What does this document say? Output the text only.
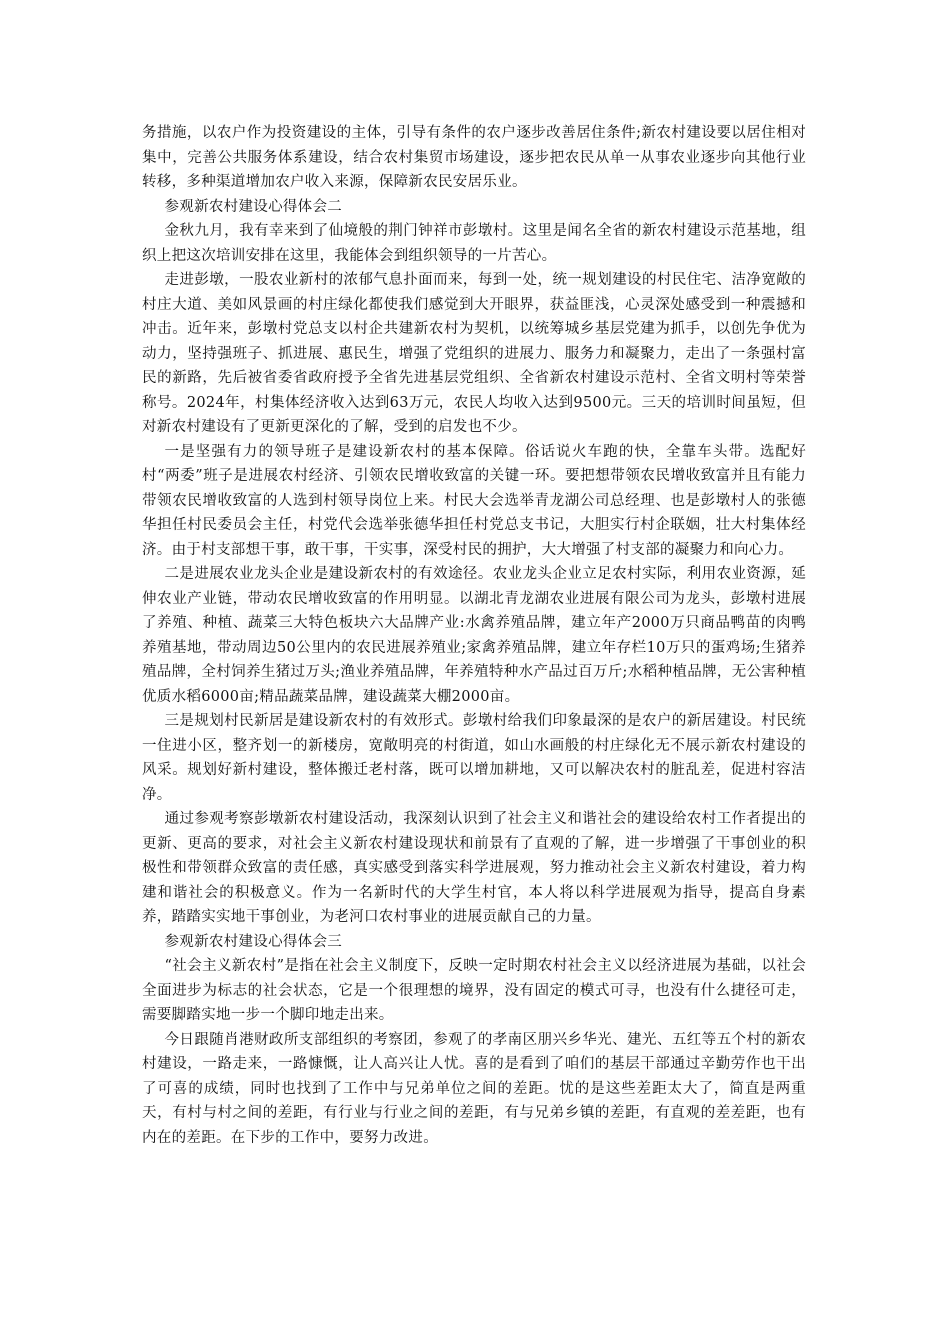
务措施，以农户作为投资建设的主体，引导有条件的农户逐步改善居住条件;新农村建设要以居住相对集中，完善公共服务体系建设，结合农村集贸市场建设，逐步把农民从单一从事农业逐步向其他行业转移，多种渠道增加农户收入来源，保障新农民安居乐业。

参观新农村建设心得体会二

金秋九月，我有幸来到了仙境般的荆门钟祥市彭墩村。这里是闻名全省的新农村建设示范基地，组织上把这次培训安排在这里，我能体会到组织领导的一片苦心。

走进彭墩，一股农业新村的浓郁气息扑面而来，每到一处，统一规划建设的村民住宅、洁净宽敞的村庄大道、美如风景画的村庄绿化都使我们感觉到大开眼界，获益匪浅，心灵深处感受到一种震撼和冲击。近年来，彭墩村党总支以村企共建新农村为契机，以统筹城乡基层党建为抓手，以创先争优为动力，坚持强班子、抓进展、惠民生，增强了党组织的进展力、服务力和凝聚力，走出了一条强村富民的新路，先后被省委省政府授予全省先进基层党组织、全省新农村建设示范村、全省文明村等荣誉称号。2024年，村集体经济收入达到63万元，农民人均收入达到9500元。三天的培训时间虽短，但对新农村建设有了更新更深化的了解，受到的启发也不少。

一是坚强有力的领导班子是建设新农村的基本保障。俗话说火车跑的快，全靠车头带。选配好村“两委”班子是进展农村经济、引领农民增收致富的关键一环。要把想带领农民增收致富并且有能力带领农民增收致富的人选到村领导岗位上来。村民大会选举青龙湖公司总经理、也是彭墩村人的张德华担任村民委员会主任，村党代会选举张德华担任村党总支书记，大胆实行村企联姻，壮大村集体经济。由于村支部想干事，敢干事，干实事，深受村民的拥护，大大增强了村支部的凝聚力和向心力。

二是进展农业龙头企业是建设新农村的有效途径。农业龙头企业立足农村实际，利用农业资源，延伸农业产业链，带动农民增收致富的作用明显。以湖北青龙湖农业进展有限公司为龙头，彭墩村进展了养殖、种植、蔬菜三大特色板块六大品牌产业:水禽养殖品牌，建立年产2000万只商品鸭苗的肉鸭养殖基地，带动周边50公里内的农民进展养殖业;家禽养殖品牌，建立年存栏10万只的蛋鸡场;生猪养殖品牌，全村饲养生猪过万头;渔业养殖品牌，年养殖特种水产品过百万斤;水稻种植品牌，无公害种植优质水稻6000亩;精品蔬菜品牌，建设蔬菜大棚2000亩。

三是规划村民新居是建设新农村的有效形式。彭墩村给我们印象最深的是农户的新居建设。村民统一住进小区，整齐划一的新楼房，宽敞明亮的村街道，如山水画般的村庄绿化无不展示新农村建设的风采。规划好新村建设，整体搬迁老村落，既可以增加耕地，又可以解决农村的脏乱差，促进村容洁净。

通过参观考察彭墩新农村建设活动，我深刻认识到了社会主义和谐社会的建设给农村工作者提出的更新、更高的要求，对社会主义新农村建设现状和前景有了直观的了解，进一步增强了干事创业的积极性和带领群众致富的责任感，真实感受到落实科学进展观，努力推动社会主义新农村建设，着力构建和谐社会的积极意义。作为一名新时代的大学生村官，本人将以科学进展观为指导，提高自身素养，踏踏实实地干事创业，为老河口农村事业的进展贡献自己的力量。

参观新农村建设心得体会三

“社会主义新农村”是指在社会主义制度下，反映一定时期农村社会主义以经济进展为基础，以社会全面进步为标志的社会状态，它是一个很理想的境界，没有固定的模式可寻，也没有什么捷径可走，需要脚踏实地一步一个脚印地走出来。

今日跟随肖港财政所支部组织的考察团，参观了的孝南区朋兴乡华光、建光、五红等五个村的新农村建设，一路走来，一路慷慨，让人高兴让人忧。喜的是看到了咱们的基层干部通过辛勤劳作也干出了可喜的成绩，同时也找到了工作中与兄弟单位之间的差距。忧的是这些差距太大了，简直是两重天，有村与村之间的差距，有行业与行业之间的差距，有与兄弟乡镇的差距，有直观的差差距，也有内在的差距。在下步的工作中，要努力改进。
